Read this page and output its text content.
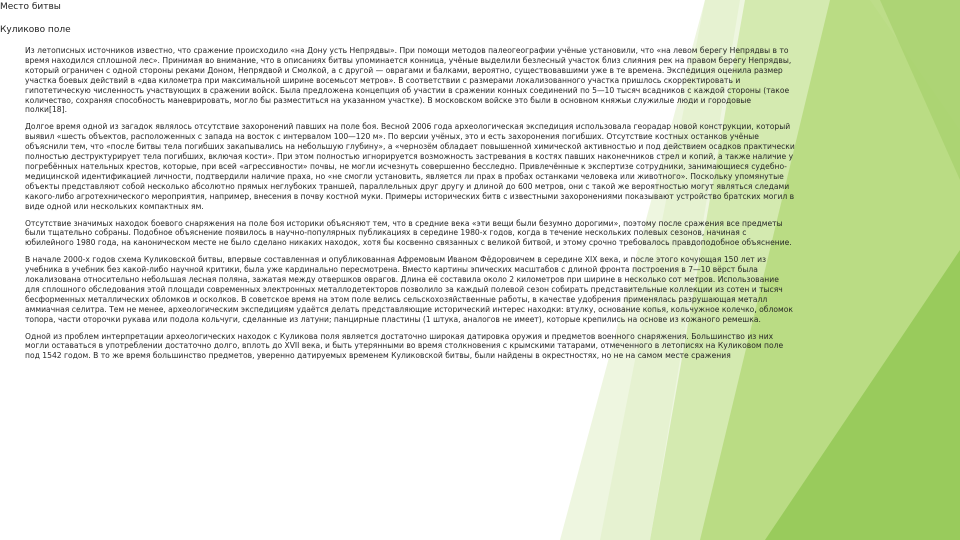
Место битвы
Куликово поле

Из летописных источников известно, что сражение происходило «на Дону усть Непрядвы». При помощи методов палеогеографии учёные установили, что «на левом берегу Непрядвы в то время находился сплошной лес». Принимая во внимание, что в описаниях битвы упоминается конница, учёные выделили безлесный участок близ слияния рек на правом берегу Непрядвы, который ограничен с одной стороны реками Доном, Непрядвой и Смолкой, а с другой — оврагами и балками, вероятно, существовавшими уже в те времена. Экспедиция оценила размер участка боевых действий в «два километра при максимальной ширине восемьсот метров». В соответствии с размерами локализованного участка пришлось скорректировать и гипотетическую численность участвующих в сражении войск. Была предложена концепция об участии в сражении конных соединений по 5—10 тысяч всадников с каждой стороны (такое количество, сохраняя способность маневрировать, могло бы разместиться на указанном участке). В московском войске это были в основном княжьи служилые люди и городовые полки[18].

Долгое время одной из загадок являлось отсутствие захоронений павших на поле боя. Весной 2006 года археологическая экспедиция использовала георадар новой конструкции, который выявил «шесть объектов, расположенных с запада на восток с интервалом 100—120 м». По версии учёных, это и есть захоронения погибших. Отсутствие костных останков учёные объяснили тем, что «после битвы тела погибших закапывались на небольшую глубину», а «чернозём обладает повышенной химической активностью и под действием осадков практически полностью деструктурирует тела погибших, включая кости». При этом полностью игнорируется возможность застревания в костях павших наконечников стрел и копий, а также наличие у погребённых нательных крестов, которые, при всей «агрессивности» почвы, не могли исчезнуть совершенно бесследно. Привлечённые к экспертизе сотрудники, занимающиеся судебно-медицинской идентификацией личности, подтвердили наличие праха, но «не смогли установить, является ли прах в пробах останками человека или животного». Поскольку упомянутые объекты представляют собой несколько абсолютно прямых неглубоких траншей, параллельных друг другу и длиной до 600 метров, они с такой же вероятностью могут являться следами какого-либо агротехнического мероприятия, например, внесения в почву костной муки. Примеры исторических битв с известными захоронениями показывают устройство братских могил в виде одной или нескольких компактных ям.

Отсутствие значимых находок боевого снаряжения на поле боя историки объясняют тем, что в средние века «эти вещи были безумно дорогими», поэтому после сражения все предметы были тщательно собраны. Подобное объяснение появилось в научно-популярных публикациях в середине 1980-х годов, когда в течение нескольких полевых сезонов, начиная с юбилейного 1980 года, на каноническом месте не было сделано никаких находок, хотя бы косвенно связанных с великой битвой, и этому срочно требовалось правдоподобное объяснение.

В начале 2000-х годов схема Куликовской битвы, впервые составленная и опубликованная Афремовым Иваном Фёдоровичем в середине XIX века, и после этого кочующая 150 лет из учебника в учебник без какой-либо научной критики, была уже кардинально пересмотрена. Вместо картины эпических масштабов с длиной фронта построения в 7—10 вёрст была локализована относительно небольшая лесная поляна, зажатая между отвершков оврагов. Длина её составила около 2 километров при ширине в несколько сот метров. Использование для сплошного обследования этой площади современных электронных металлодетекторов позволило за каждый полевой сезон собирать представительные коллекции из сотен и тысяч бесформенных металлических обломков и осколков. В советское время на этом поле велись сельскохозяйственные работы, в качестве удобрения применялась разрушающая металл аммиачная селитра. Тем не менее, археологическим экспедициям удаётся делать представляющие исторический интерес находки: втулку, основание копья, кольчужное колечко, обломок топора, части оторочки рукава или подола кольчуги, сделанные из латуни; панцирные пластины (1 штука, аналогов не имеет), которые крепились на основе из кожаного ремешка.

Одной из проблем интерпретации археологических находок с Куликова поля является достаточно широкая датировка оружия и предметов военного снаряжения. Большинство из них могли оставаться в употреблении достаточно долго, вплоть до XVII века, и быть утерянными во время столкновения с крымскими татарами, отмеченного в летописях на Куликовом поле под 1542 годом. В то же время большинство предметов, уверенно датируемых временем Куликовской битвы, были найдены в окрестностях, но не на самом месте сражения
